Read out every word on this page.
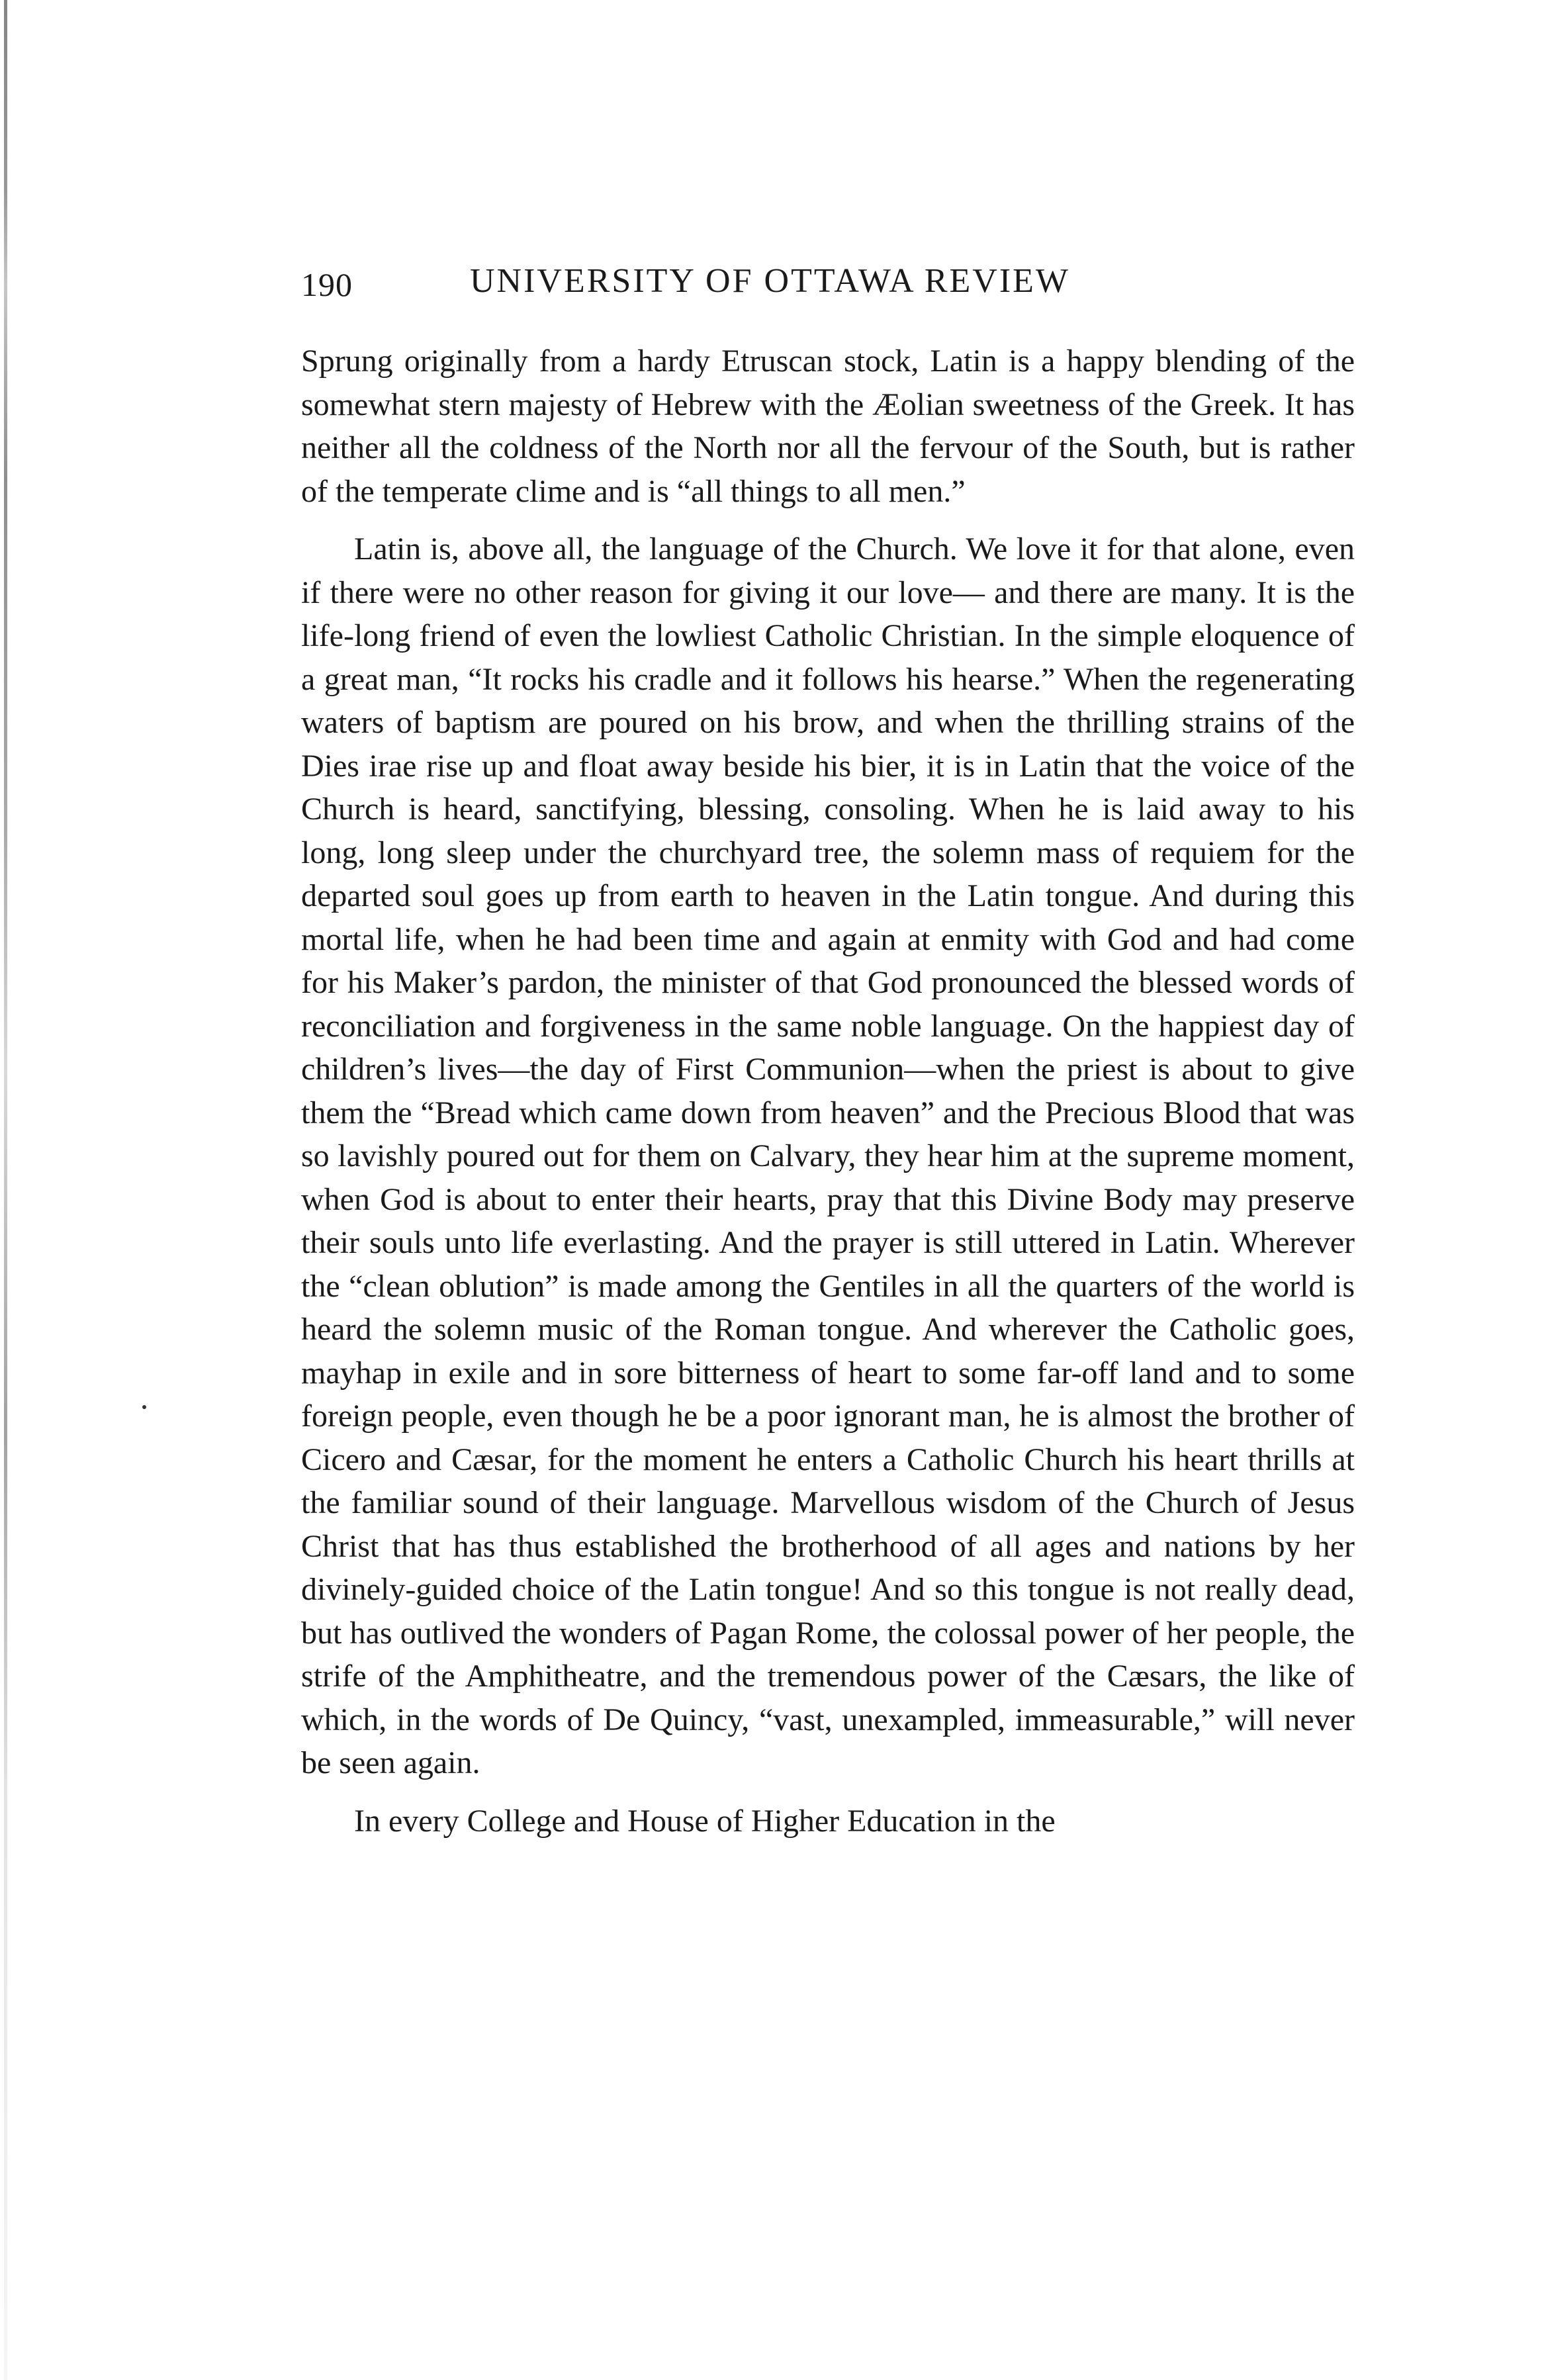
190	UNIVERSITY OF OTTAWA REVIEW

Sprung originally from a hardy Etruscan stock, Latin is a happy blending of the somewhat stern majesty of Hebrew with the Æolian sweetness of the Greek. It has neither all the coldness of the North nor all the fervour of the South, but is rather of the temperate clime and is “all things to all men.”

Latin is, above all, the language of the Church. We love it for that alone, even if there were no other reason for giving it our love— and there are many. It is the life-long friend of even the lowliest Catholic Christian. In the simple eloquence of a great man, “It rocks his cradle and it follows his hearse.” When the regenerating waters of baptism are poured on his brow, and when the thrilling strains of the Dies irae rise up and float away beside his bier, it is in Latin that the voice of the Church is heard, sanctifying, blessing, consoling. When he is laid away to his long, long sleep under the churchyard tree, the solemn mass of requiem for the departed soul goes up from earth to heaven in the Latin tongue. And during this mortal life, when he had been time and again at enmity with God and had come for his Maker’s pardon, the minister of that God pronounced the blessed words of reconciliation and forgiveness in the same noble language. On the happiest day of children’s lives—the day of First Communion—when the priest is about to give them the “Bread which came down from heaven” and the Precious Blood that was so lavishly poured out for them on Calvary, they hear him at the supreme moment, when God is about to enter their hearts, pray that this Divine Body may preserve their souls unto life everlasting. And the prayer is still uttered in Latin. Wherever the “clean oblution” is made among the Gentiles in all the quarters of the world is heard the solemn music of the Roman tongue. And wherever the Catholic goes, mayhap in exile and in sore bitterness of heart to some far-off land and to some foreign people, even though he be a poor ignorant man, he is almost the brother of Cicero and Cæsar, for the moment he enters a Catholic Church his heart thrills at the familiar sound of their language. Marvellous wisdom of the Church of Jesus Christ that has thus established the brotherhood of all ages and nations by her divinely-guided choice of the Latin tongue! And so this tongue is not really dead, but has outlived the wonders of Pagan Rome, the colossal power of her people, the strife of the Amphitheatre, and the tremendous power of the Cæsars, the like of which, in the words of De Quincy, “vast, unexampled, immeasurable,” will never be seen again.

In every College and House of Higher Education in the
